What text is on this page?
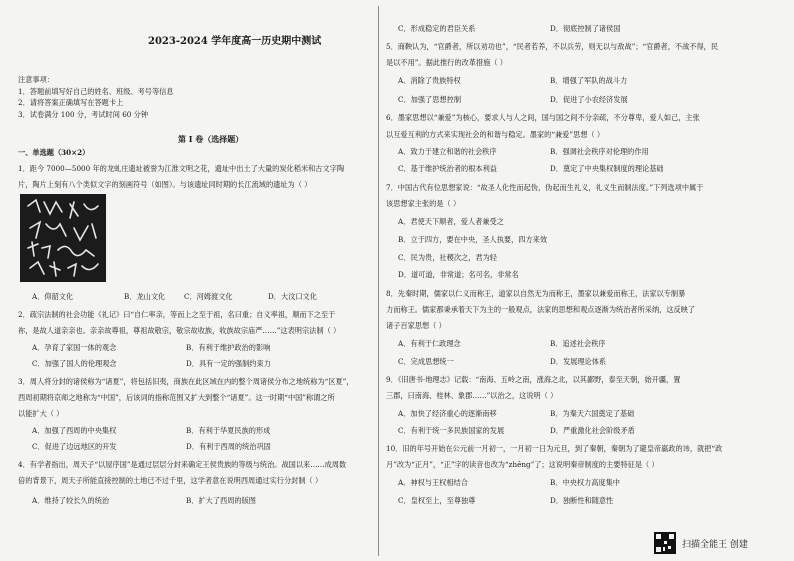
2023-2024 学年度高一历史期中测试
注意事项：
1．答题前填写好自己的姓名、班级、考号等信息
2．请将答案正确填写在答题卡上
3．试卷满分 100 分，考试时间 60 分钟
第 I 卷（选择题）
一、单选题（30×2）
1．距今 7000—5000 年的龙虬庄遗址被誉为江淮文明之花，遗址中出土了大量的炭化稻米和古文字陶
片，陶片上刻有八个类似文字的刻画符号（如图）。与该遗址同时期的长江流域的遗址为（ ）
A．仰韶文化	B．龙山文化	C．河姆渡文化	D．大汶口文化
2．疏宗法制的社会功能《礼记》曰“自仁率亲，等而上之至于祖，名曰重；自义率祖，顺而下之至于
祢，是故人道亲亲也。亲亲故尊祖，尊祖故敬宗，敬宗故收族，收族故宗庙严……”这表明宗法制（ ）
A．孕育了家国一体的观念	B．有利于维护政治的影响
C．加强了国人的伦理观念	D．具有一定的强制约束力
3．周人将分封的诸侯称为“诸夏”，将包括旧夷，商族在此区域在内的整个周诸侯分布之地统称为“区夏”，
西周初期将京师之地称为“中国”，后该词的指称范围又扩大到整个“诸夏”。这一时期“中国”称谓之所
以能扩大（ ）
A．加强了西周的中央集权	B．有利于华夏民族的形成
C．促进了边远地区的开发	D．有利于西周的统治巩固
4．有学者指出，周天子“以屋序国”是通过层层分封来确定王侯贵族的等级与统治。战国以来……成周数
倍的背景下，周天子所能直接控制的土地已不过千里，这学者意在说明西周通过实行分封制（ ）
A．维持了较长久的统治	B．扩大了西周的版图
C．形成稳定的君臣关系	D．彻底控制了诸侯国
5．商鞅认为，“官爵者，所以劝功也”，“民者若养，不以兵劳，则无以与敌战”；“官爵者，不战不得，民
是以不用”。据此推行的改革措施（ ）
A．消除了贵族特权	B．增强了军队的战斗力
C．加强了思想控制	D．促进了小农经济发展
6．墨家思想以“兼爱”为核心，要求人与人之间，国与国之间不分亲疏，不分尊卑，爱人如己，主张
以互爱互利的方式来实现社会的和谐与稳定。墨家的“兼爱”思想（ ）
A．致力于建立和谐的社会秩序	B．强调社会秩序对伦理的作用
C．基于维护统治者的根本利益	D．奠定了中央集权制度的理论基础
7．中国古代有位思想家说：“故圣人化性而起伪，伪起而生礼义，礼义生而制法度。”下列选项中属于
该思想家主张的是（ ）
A．君使天下顺者，爱人者兼受之
B．立于四方，要在中央，圣人执要，四方来效
C．民为贵，社稷次之，君为轻
D．道可道，非常道；名可名，非常名
8．先秦时期，儒家以仁义而称王，道家以自然无为而称王，墨家以兼爱而称王，法家以专制暴
力而称王。儒家都秉承着天下为主的一般观点，法家的思想和观点逐渐为统治者所采纳，这反映了
诸子百家思想（ ）
A．有利于仁政理念	B．追述社会秩序
C．完成思想统一	D．发展理论体系
9．《旧唐书·地理志》记载：“南海、五岭之南，涨海之北，以其鄙野，泰至天朝，始开疆，置
三郡，曰南海、桂林、象郡……”以治之，这说明（ ）
A．加快了经济重心的逐渐南移	B．为秦天六国奠定了基础
C．有利于统一多民族国家的发展	D．严重激化社会阶级矛盾
10．旧的年号开始在公元前一月初一，一月初一日为元旦，到了秦朝，秦朝为了避皇帝嬴政的讳，就把“政
月”改为“正月”，“正”字的读音也改为“zhēng”了；这说明秦帝制度的主要特征是（ ）
A．神权与王权相结合	B．中央权力高度集中
C．皇权至上，至尊独尊	D．独断性和随意性
扫描全能王 创建
